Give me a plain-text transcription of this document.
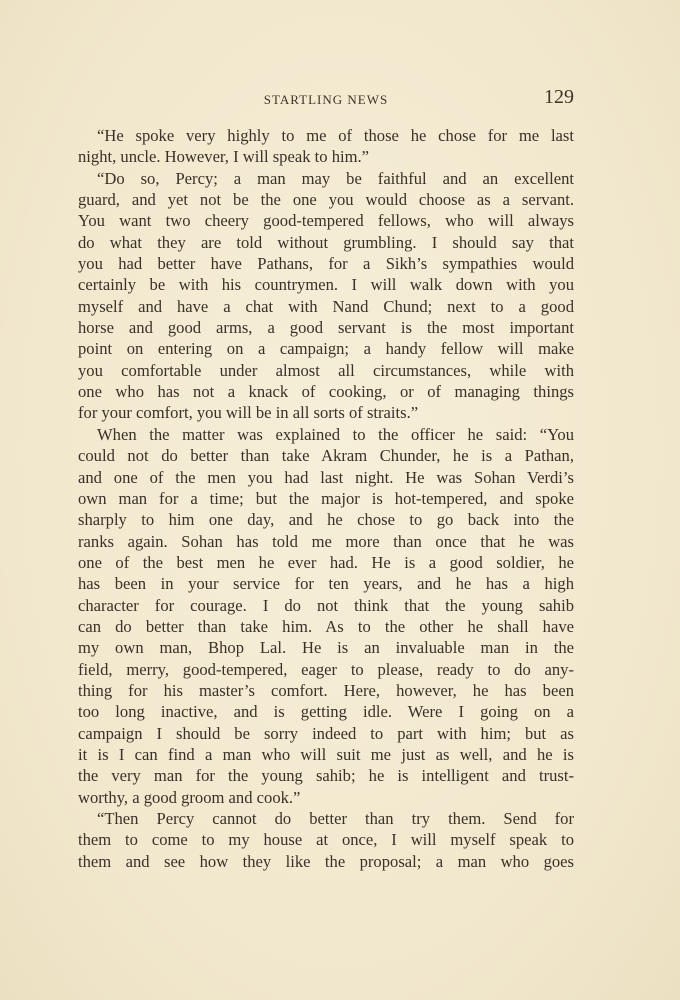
STARTLING NEWS	129
“He spoke very highly to me of those he chose for me last
night, uncle. However, I will speak to him.”
“Do so, Percy; a man may be faithful and an excellent
guard, and yet not be the one you would choose as a servant.
You want two cheery good-tempered fellows, who will always
do what they are told without grumbling. I should say that
you had better have Pathans, for a Sikh’s sympathies would
certainly be with his countrymen. I will walk down with you
myself and have a chat with Nand Chund; next to a good
horse and good arms, a good servant is the most important
point on entering on a campaign; a handy fellow will make
you comfortable under almost all circumstances, while with
one who has not a knack of cooking, or of managing things
for your comfort, you will be in all sorts of straits.”
When the matter was explained to the officer he said: “You
could not do better than take Akram Chunder, he is a Pathan,
and one of the men you had last night. He was Sohan Verdi’s
own man for a time; but the major is hot-tempered, and spoke
sharply to him one day, and he chose to go back into the
ranks again. Sohan has told me more than once that he was
one of the best men he ever had. He is a good soldier, he
has been in your service for ten years, and he has a high
character for courage. I do not think that the young sahib
can do better than take him. As to the other he shall have
my own man, Bhop Lal. He is an invaluable man in the
field, merry, good-tempered, eager to please, ready to do any-
thing for his master’s comfort. Here, however, he has been
too long inactive, and is getting idle. Were I going on a
campaign I should be sorry indeed to part with him; but as
it is I can find a man who will suit me just as well, and he is
the very man for the young sahib; he is intelligent and trust-
worthy, a good groom and cook.”
“Then Percy cannot do better than try them. Send for
them to come to my house at once, I will myself speak to
them and see how they like the proposal; a man who goes
